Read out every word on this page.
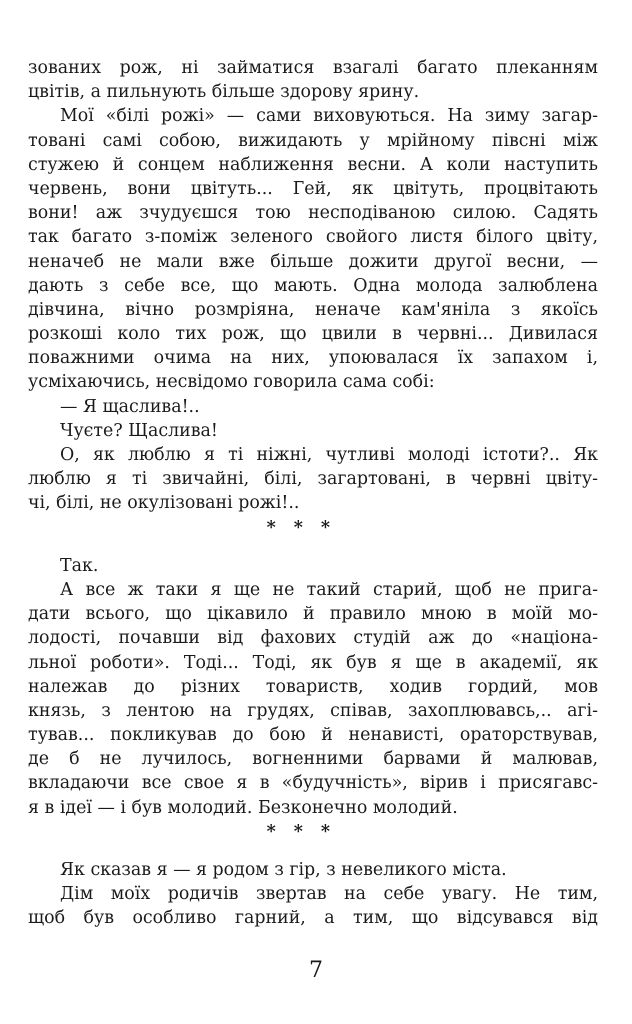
зованих рож, ні займатися взагалі багато плеканням
цвітів, а пильнують більше здорову ярину.
Мої «білі рожі» — сами виховуються. На зиму загар-
товані самі собою, вижидають у мрійному півсні між
стужею й сонцем наближення весни. А коли наступить
червень, вони цвітуть... Гей, як цвітуть, процвітають
вони! аж зчудуєшся тою несподіваною силою. Садять
так багато з-поміж зеленого свойого листя білого цвіту,
неначеб не мали вже більше дожити другої весни, —
дають з себе все, що мають. Одна молода залюблена
дівчина, вічно розмріяна, неначе кам'яніла з якоїсь
розкоші коло тих рож, що цвили в червні... Дивилася
поважними очима на них, упоювалася їх запахом і,
усміхаючись, несвідомо говорила сама собі:
— Я щаслива!..
Чуєте? Щаслива!
О, як люблю я ті ніжні, чутливі молоді істоти?.. Як
люблю я ті звичайні, білі, загартовані, в червні цвіту-
чі, білі, не окулізовані рожі!..
* * *
Так.
А все ж таки я ще не такий старий, щоб не пригa-
дати всього, що цікавило й правило мною в моїй мо-
лодості, почавши від фахових студій аж до «націона-
льної роботи». Тоді... Тоді, як був я ще в академії, як
належав до різних товариств, ходив гордий, мов
князь, з лентою на грудях, співав, захоплювавсь,.. агі-
тував... покликував до бою й ненависті, ораторствував,
де б не лучилось, вогненними барвами й малював,
вкладаючи все свое я в «будучність», вірив і присягавс-
я в ідеї — і був молодий. Безконечно молодий.
* * *
Як сказав я — я родом з гір, з невеликого міста.
Дім моїх родичів звертав на себе увагу. Не тим,
щоб був особливо гарний, а тим, що відсувався від
7
